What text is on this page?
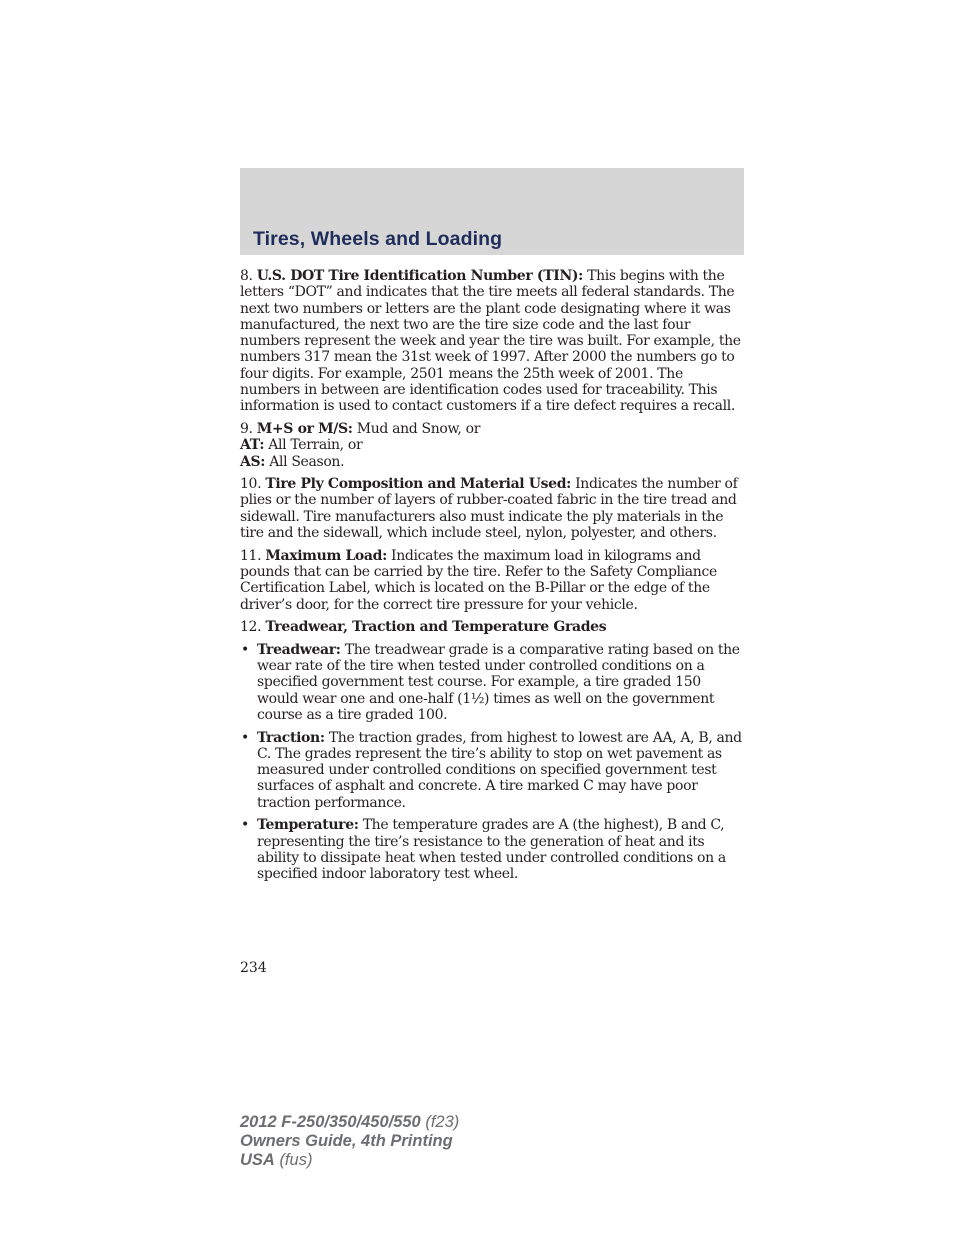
Tires, Wheels and Loading

8. U.S. DOT Tire Identification Number (TIN): This begins with the letters “DOT” and indicates that the tire meets all federal standards. The next two numbers or letters are the plant code designating where it was manufactured, the next two are the tire size code and the last four numbers represent the week and year the tire was built. For example, the numbers 317 mean the 31st week of 1997. After 2000 the numbers go to four digits. For example, 2501 means the 25th week of 2001. The numbers in between are identification codes used for traceability. This information is used to contact customers if a tire defect requires a recall.

9. M+S or M/S: Mud and Snow, or
AT: All Terrain, or
AS: All Season.

10. Tire Ply Composition and Material Used: Indicates the number of plies or the number of layers of rubber-coated fabric in the tire tread and sidewall. Tire manufacturers also must indicate the ply materials in the tire and the sidewall, which include steel, nylon, polyester, and others.

11. Maximum Load: Indicates the maximum load in kilograms and pounds that can be carried by the tire. Refer to the Safety Compliance Certification Label, which is located on the B-Pillar or the edge of the driver’s door, for the correct tire pressure for your vehicle.

12. Treadwear, Traction and Temperature Grades

• Treadwear: The treadwear grade is a comparative rating based on the wear rate of the tire when tested under controlled conditions on a specified government test course. For example, a tire graded 150 would wear one and one-half (1½) times as well on the government course as a tire graded 100.
• Traction: The traction grades, from highest to lowest are AA, A, B, and C. The grades represent the tire’s ability to stop on wet pavement as measured under controlled conditions on specified government test surfaces of asphalt and concrete. A tire marked C may have poor traction performance.
• Temperature: The temperature grades are A (the highest), B and C, representing the tire’s resistance to the generation of heat and its ability to dissipate heat when tested under controlled conditions on a specified indoor laboratory test wheel.
234
2012 F-250/350/450/550 (f23)
Owners Guide, 4th Printing
USA (fus)
